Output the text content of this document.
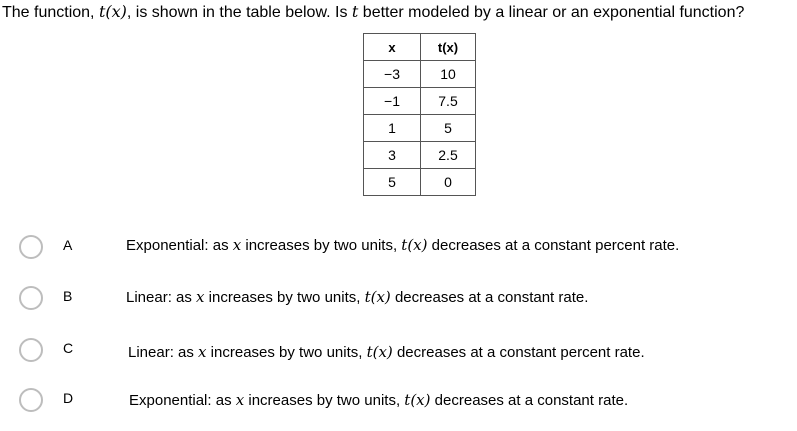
The function, t(x), is shown in the table below. Is t better modeled by a linear or an exponential function?
x	t(x)
−3	10
−1	7.5
1	5
3	2.5
5	0
A	Exponential: as x increases by two units, t(x) decreases at a constant percent rate.
B	Linear: as x increases by two units, t(x) decreases at a constant rate.
C	Linear: as x increases by two units, t(x) decreases at a constant percent rate.
D	Exponential: as x increases by two units, t(x) decreases at a constant rate.
